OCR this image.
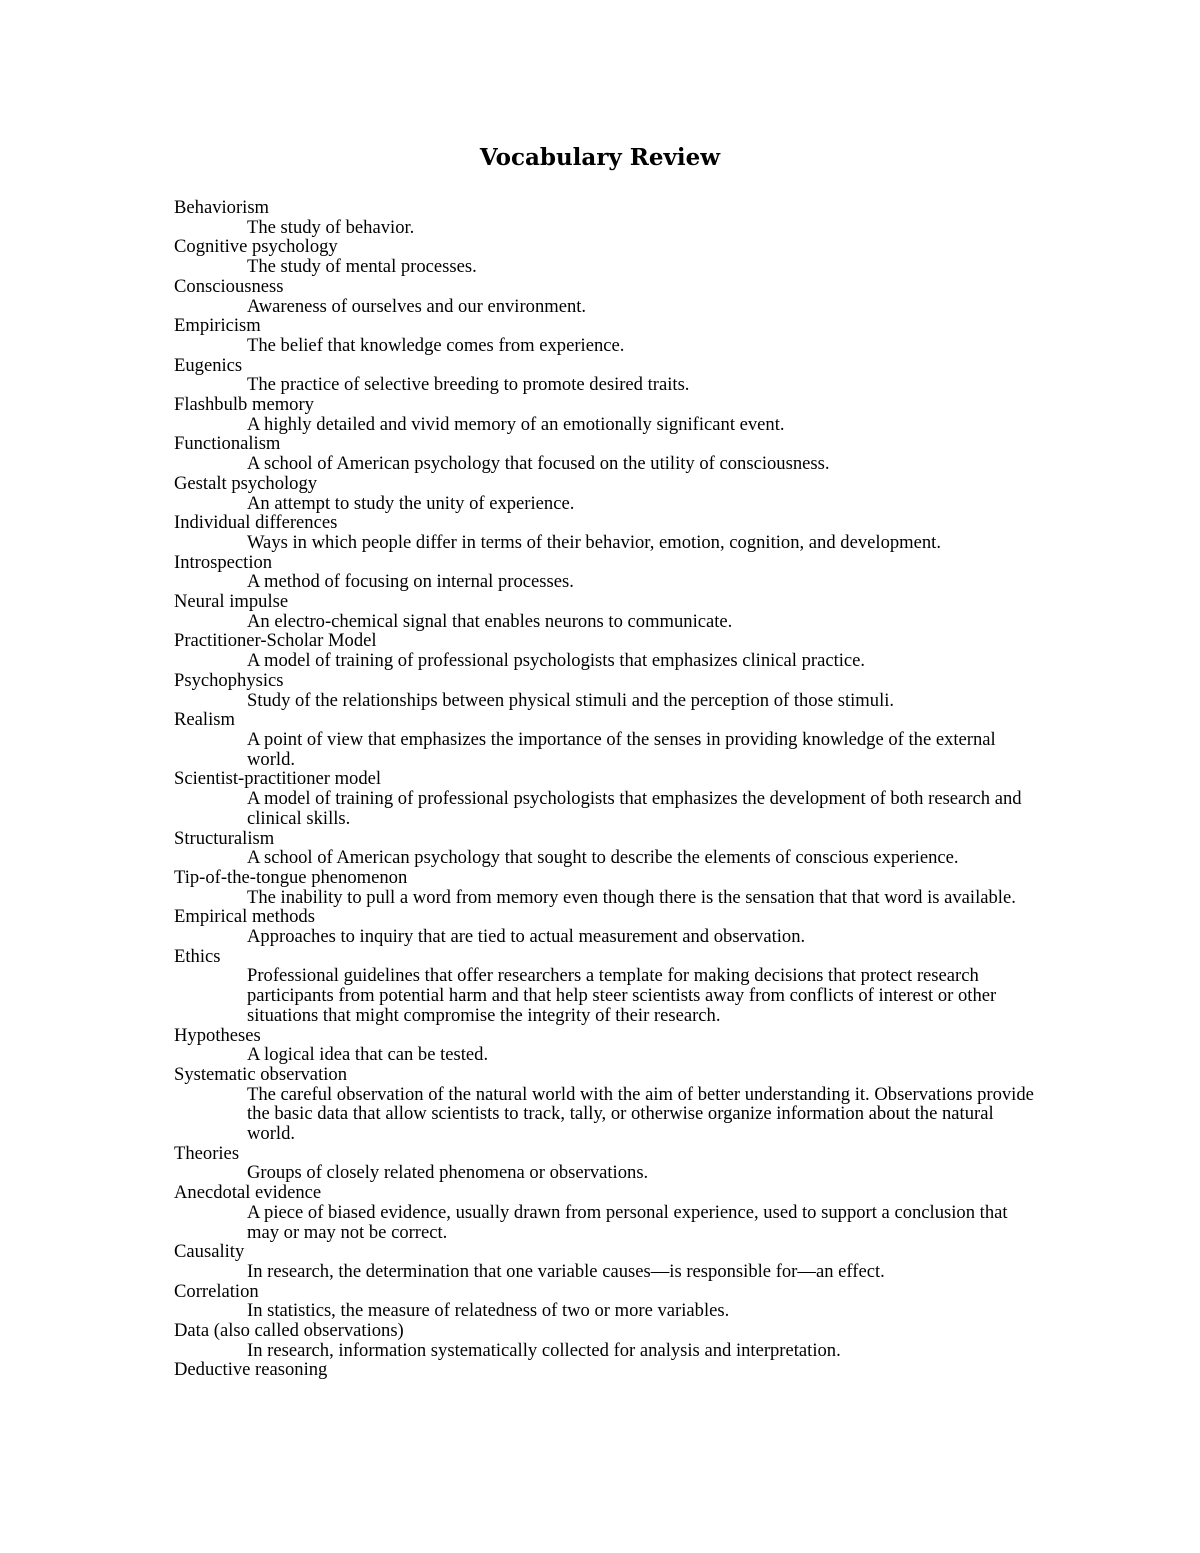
Vocabulary Review
Behaviorism
The study of behavior.
Cognitive psychology
The study of mental processes.
Consciousness
Awareness of ourselves and our environment.
Empiricism
The belief that knowledge comes from experience.
Eugenics
The practice of selective breeding to promote desired traits.
Flashbulb memory
A highly detailed and vivid memory of an emotionally significant event.
Functionalism
A school of American psychology that focused on the utility of consciousness.
Gestalt psychology
An attempt to study the unity of experience.
Individual differences
Ways in which people differ in terms of their behavior, emotion, cognition, and development.
Introspection
A method of focusing on internal processes.
Neural impulse
An electro-chemical signal that enables neurons to communicate.
Practitioner-Scholar Model
A model of training of professional psychologists that emphasizes clinical practice.
Psychophysics
Study of the relationships between physical stimuli and the perception of those stimuli.
Realism
A point of view that emphasizes the importance of the senses in providing knowledge of the external world.
Scientist-practitioner model
A model of training of professional psychologists that emphasizes the development of both research and clinical skills.
Structuralism
A school of American psychology that sought to describe the elements of conscious experience.
Tip-of-the-tongue phenomenon
The inability to pull a word from memory even though there is the sensation that that word is available.
Empirical methods
Approaches to inquiry that are tied to actual measurement and observation.
Ethics
Professional guidelines that offer researchers a template for making decisions that protect research participants from potential harm and that help steer scientists away from conflicts of interest or other situations that might compromise the integrity of their research.
Hypotheses
A logical idea that can be tested.
Systematic observation
The careful observation of the natural world with the aim of better understanding it. Observations provide the basic data that allow scientists to track, tally, or otherwise organize information about the natural world.
Theories
Groups of closely related phenomena or observations.
Anecdotal evidence
A piece of biased evidence, usually drawn from personal experience, used to support a conclusion that may or may not be correct.
Causality
In research, the determination that one variable causes—is responsible for—an effect.
Correlation
In statistics, the measure of relatedness of two or more variables.
Data (also called observations)
In research, information systematically collected for analysis and interpretation.
Deductive reasoning
